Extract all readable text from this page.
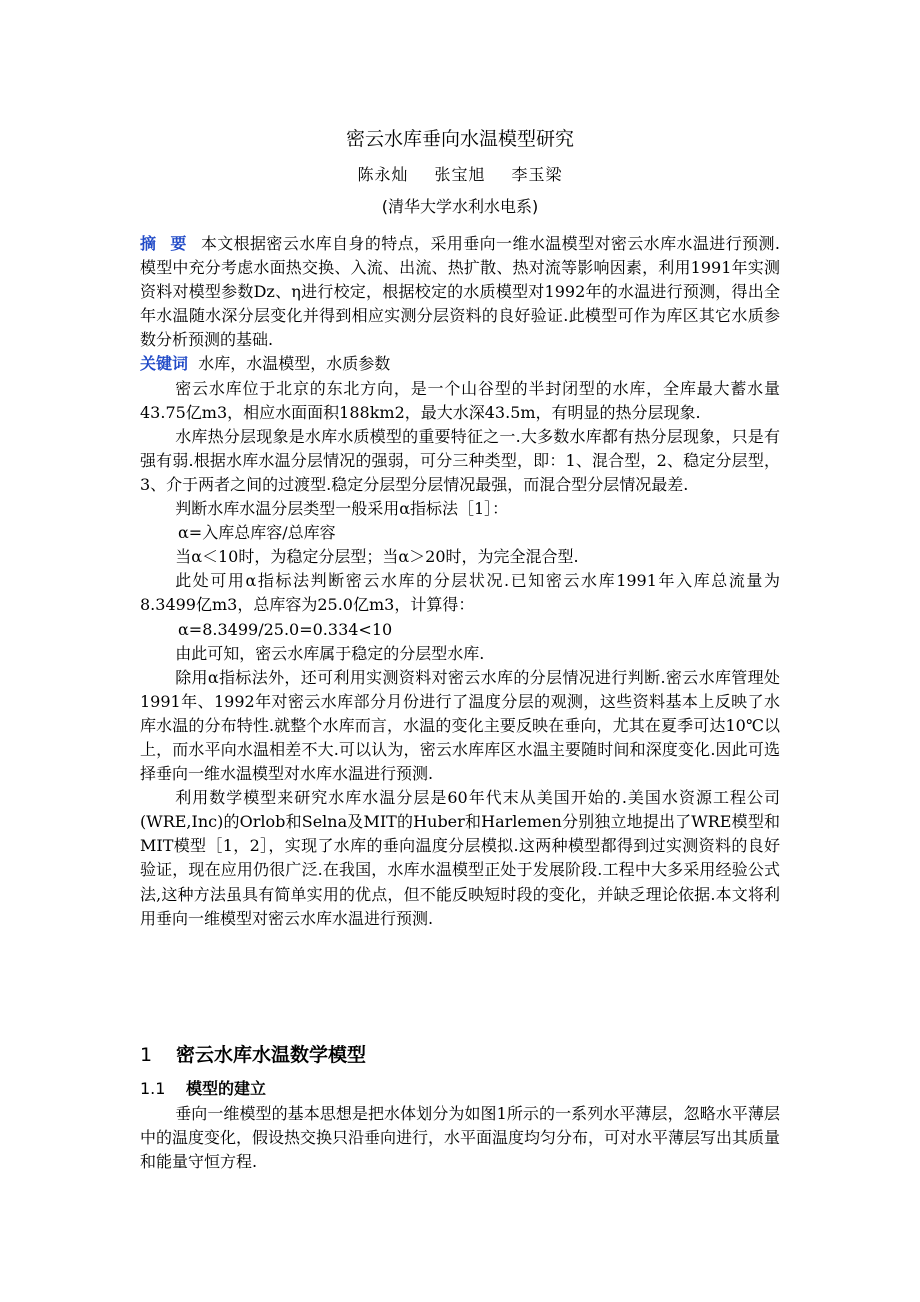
密云水库垂向水温模型研究
陈永灿 张宝旭 李玉梁
(清华大学水利水电系)

摘要本文根据密云水库自身的特点，采用垂向一维水温模型对密云水库水温进行预测.模型中充分考虑水面热交换、入流、出流、热扩散、热对流等影响因素，利用1991年实测资料对模型参数Dz、η进行校定，根据校定的水质模型对1992年的水温进行预测，得出全年水温随水深分层变化并得到相应实测分层资料的良好验证.此模型可作为库区其它水质参数分析预测的基础.

关键词 水库，水温模型，水质参数

密云水库位于北京的东北方向，是一个山谷型的半封闭型的水库，全库最大蓄水量43.75亿m3，相应水面面积188km2，最大水深43.5m，有明显的热分层现象.

水库热分层现象是水库水质模型的重要特征之一.大多数水库都有热分层现象，只是有强有弱.根据水库水温分层情况的强弱，可分三种类型，即：1、混合型，2、稳定分层型，3、介于两者之间的过渡型.稳定分层型分层情况最强，而混合型分层情况最差.

判断水库水温分层类型一般采用α指标法［1］：

α=入库总库容/总库容

当α＜10时，为稳定分层型；当α＞20时，为完全混合型.

此处可用α指标法判断密云水库的分层状况.已知密云水库1991年入库总流量为8.3499亿m3，总库容为25.0亿m3，计算得：

α=8.3499/25.0=0.334<10

由此可知，密云水库属于稳定的分层型水库.

除用α指标法外，还可利用实测资料对密云水库的分层情况进行判断.密云水库管理处1991年、1992年对密云水库部分月份进行了温度分层的观测，这些资料基本上反映了水库水温的分布特性.就整个水库而言，水温的变化主要反映在垂向，尤其在夏季可达10℃以上，而水平向水温相差不大.可以认为，密云水库库区水温主要随时间和深度变化.因此可选择垂向一维水温模型对水库水温进行预测.

利用数学模型来研究水库水温分层是60年代末从美国开始的.美国水资源工程公司(WRE,Inc)的Orlob和Selna及MIT的Huber和Harlemen分别独立地提出了WRE模型和MIT模型［1，2］，实现了水库的垂向温度分层模拟.这两种模型都得到过实测资料的良好验证，现在应用仍很广泛.在我国，水库水温模型正处于发展阶段.工程中大多采用经验公式法,这种方法虽具有简单实用的优点，但不能反映短时段的变化，并缺乏理论依据.本文将利用垂向一维模型对密云水库水温进行预测.

1 密云水库水温数学模型
1.1 模型的建立

垂向一维模型的基本思想是把水体划分为如图1所示的一系列水平薄层，忽略水平薄层中的温度变化，假设热交换只沿垂向进行，水平面温度均匀分布，可对水平薄层写出其质量和能量守恒方程.
